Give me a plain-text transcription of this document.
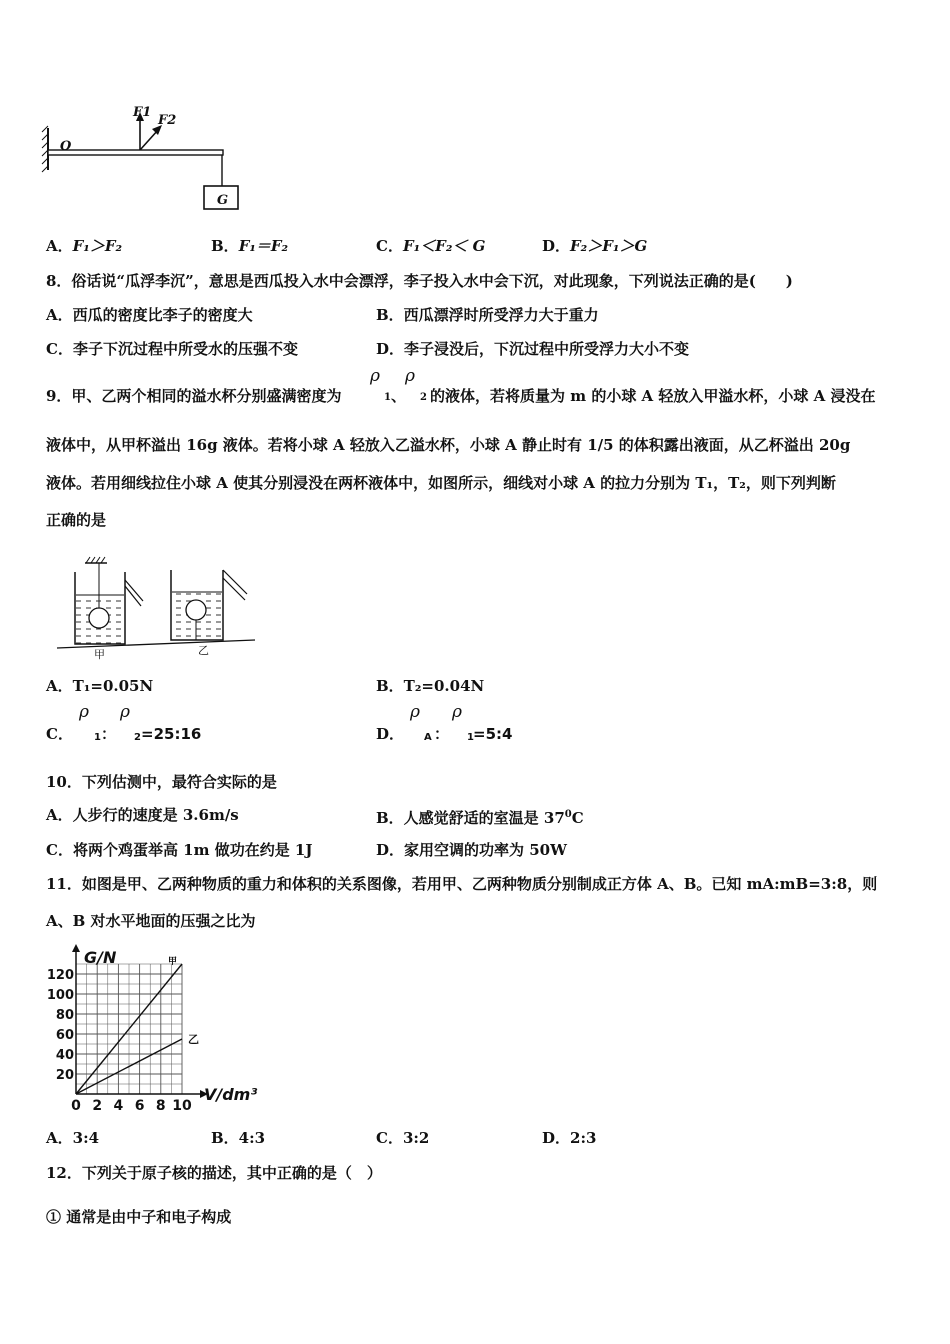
O
F1
F2
G
A．F₁＞F₂	B．F₁＝F₂	C．F₁＜F₂＜ G	D．F₂＞F₁＞G
8．俗话说“瓜浮李沉”，意思是西瓜投入水中会漂浮，李子投入水中会下沉，对此现象，下列说法正确的是(　　)
A．西瓜的密度比李子的密度大	B．西瓜漂浮时所受浮力大于重力
C．李子下沉过程中所受水的压强不变	D．李子浸没后，下沉过程中所受浮力大小不变
9．甲、乙两个相同的溢水杯分别盛满密度为
ρ
1 、
ρ
2 的液体，若将质量为 m 的小球 A 轻放入甲溢水杯，小球 A 浸没在
液体中，从甲杯溢出 16g 液体。若将小球 A 轻放入乙溢水杯，小球 A 静止时有 1/5 的体积露出液面，从乙杯溢出 20g
液体。若用细线拉住小球 A 使其分别浸没在两杯液体中，如图所示，细线对小球 A 的拉力分别为 T₁，T₂，则下列判断
正确的是
甲	乙
A．T₁=0.05N	B．T₂=0.04N
C．
ρ
1 ：
ρ
2 =25:16	D．
ρ
A ：
ρ
1 =5:4
10．下列估测中，最符合实际的是
A．人步行的速度是 3.6m/s	B．人感觉舒适的室温是 $37^0C$
C．将两个鸡蛋举高 1m 做功在约是 1J	D．家用空调的功率为 50W
11．如图是甲、乙两种物质的重力和体积的关系图像，若用甲、乙两种物质分别制成正方体 A、B。已知 mA:mB=3:8，则
A、B 对水平地面的压强之比为
0 2 4 6 8 10
20
40
60
80
100
120
G/N
V/dm³
甲
乙
A．3:4	B．4:3	C．3:2	D．2:3
12．下列关于原子核的描述，其中正确的是（　）
① 通常是由中子和电子构成
